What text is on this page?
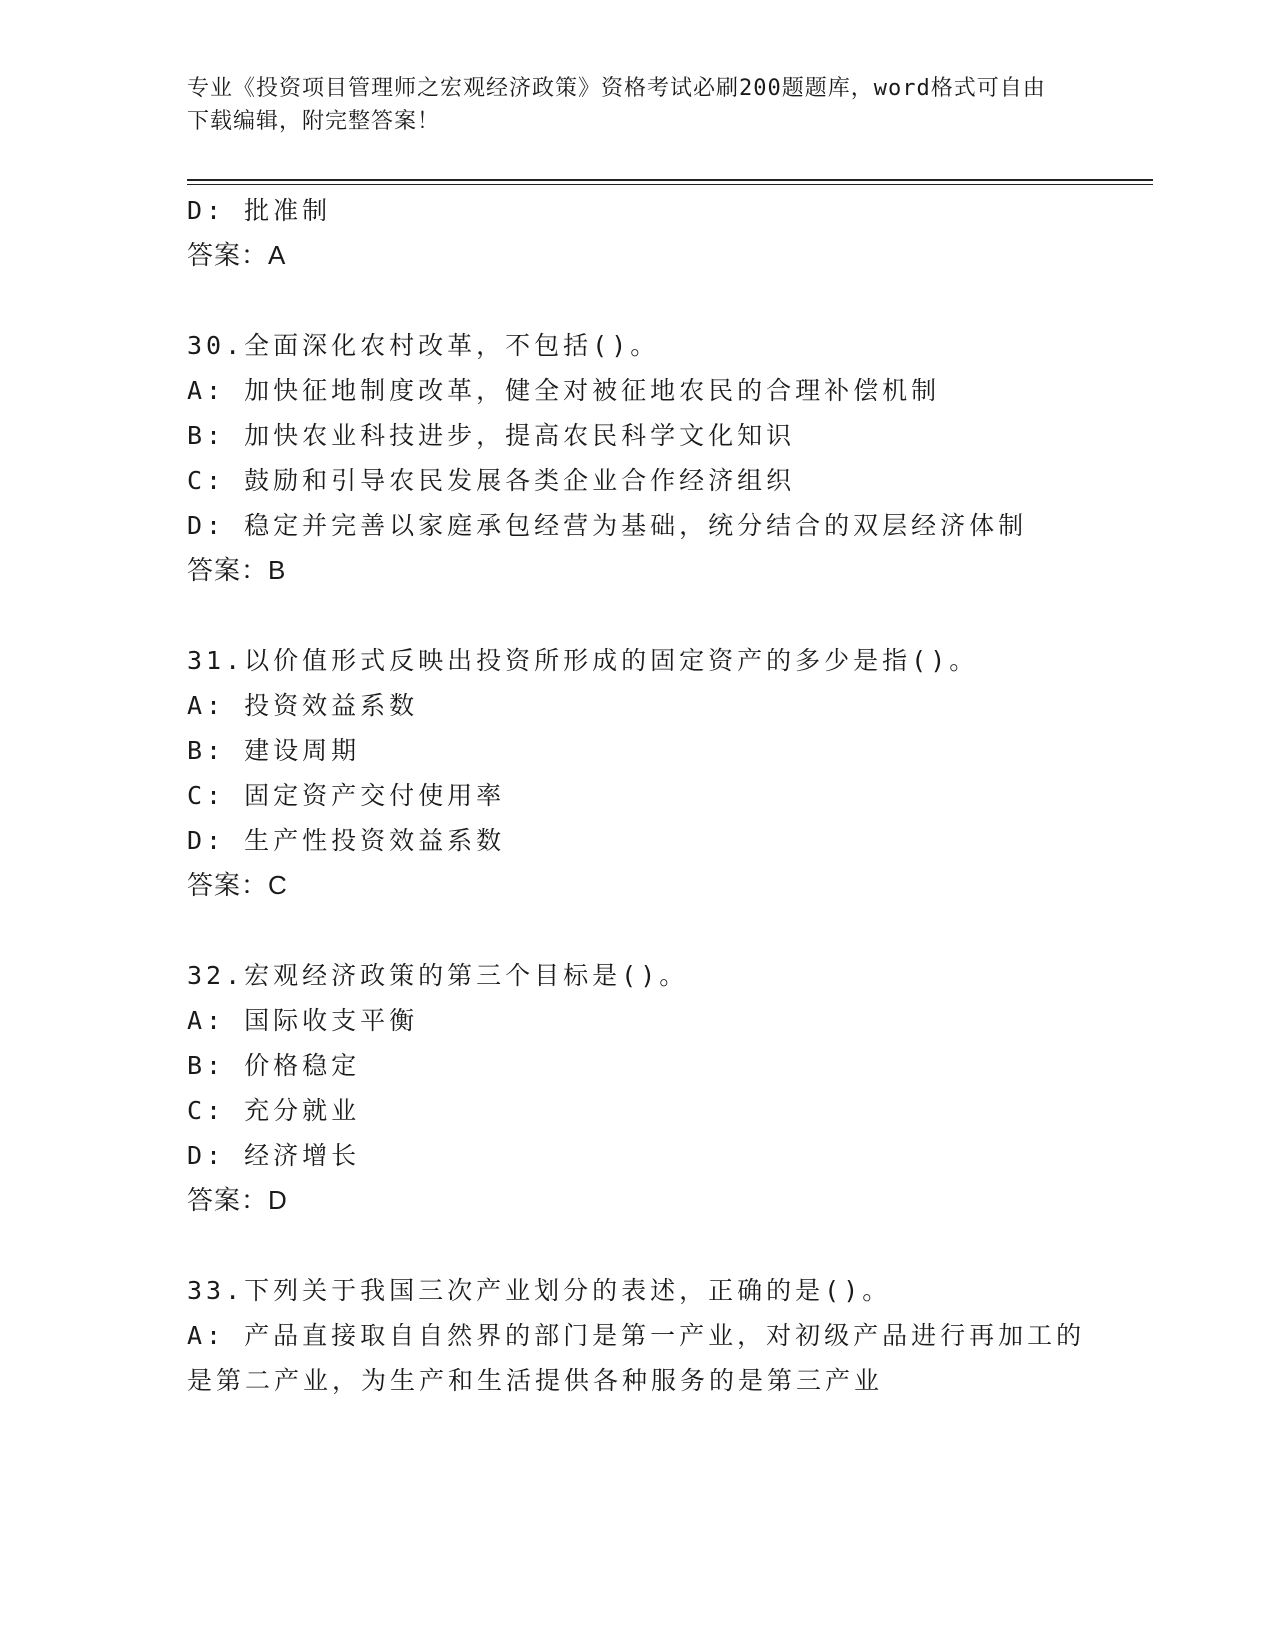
专业《投资项目管理师之宏观经济政策》资格考试必刷200题题库，word格式可自由下载编辑，附完整答案！
D: 批准制
答案：A
30.全面深化农村改革，不包括()。
A: 加快征地制度改革，健全对被征地农民的合理补偿机制
B: 加快农业科技进步，提高农民科学文化知识
C: 鼓励和引导农民发展各类企业合作经济组织
D: 稳定并完善以家庭承包经营为基础，统分结合的双层经济体制
答案：B
31.以价值形式反映出投资所形成的固定资产的多少是指()。
A: 投资效益系数
B: 建设周期
C: 固定资产交付使用率
D: 生产性投资效益系数
答案：C
32.宏观经济政策的第三个目标是()。
A: 国际收支平衡
B: 价格稳定
C: 充分就业
D: 经济增长
答案：D
33.下列关于我国三次产业划分的表述，正确的是()。
A: 产品直接取自自然界的部门是第一产业，对初级产品进行再加工的是第二产业，为生产和生活提供各种服务的是第三产业
